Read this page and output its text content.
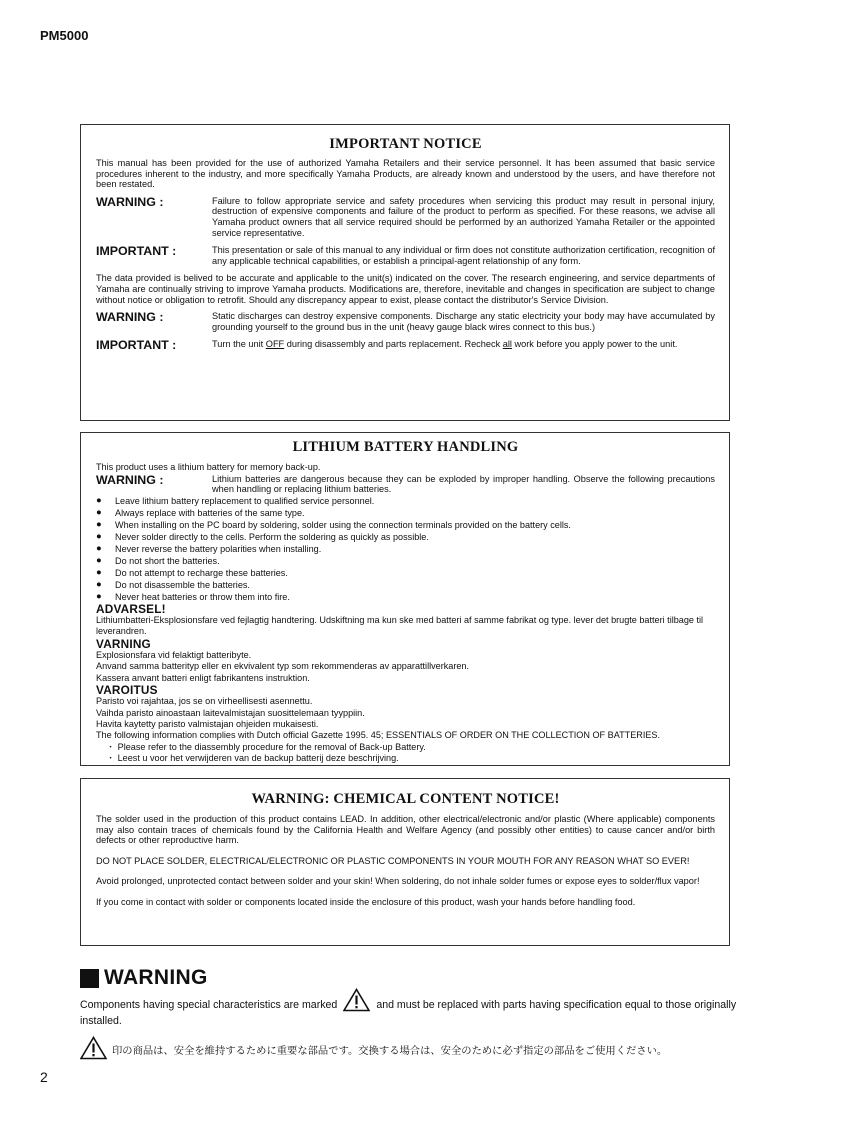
PM5000
IMPORTANT NOTICE

This manual has been provided for the use of authorized Yamaha Retailers and their service personnel. It has been assumed that basic service procedures inherent to the industry, and more specifically Yamaha Products, are already known and understood by the users, and have therefore not been restated.

WARNING :	Failure to follow appropriate service and safety procedures when servicing this product may result in personal injury, destruction of expensive components and failure of the product to perform as specified. For these reasons, we advise all Yamaha product owners that all service required should be performed by an authorized Yamaha Retailer or the appointed service representative.
IMPORTANT :	This presentation or sale of this manual to any individual or firm does not constitute authorization certification, recognition of any applicable technical capabilities, or establish a principal-agent relationship of any form.

The data provided is belived to be accurate and applicable to the unit(s) indicated on the cover. The research engineering, and service departments of Yamaha are continually striving to improve Yamaha products. Modifications are, therefore, inevitable and changes in specification are subject to change without notice or obligation to retrofit. Should any discrepancy appear to exist, please contact the distributor's Service Division.

WARNING :	Static discharges can destroy expensive components. Discharge any static electricity your body may have accumulated by grounding yourself to the ground bus in the unit (heavy gauge black wires connect to this bus.)
IMPORTANT :	Turn the unit OFF during disassembly and parts replacement. Recheck all work before you apply power to the unit.
LITHIUM BATTERY HANDLING

This product uses a lithium battery for memory back-up.

WARNING :	Lithium batteries are dangerous because they can be exploded by improper handling. Observe the following precautions when handling or replacing lithium batteries.
●	Leave lithium battery replacement to qualified service personnel.
●	Always replace with batteries of the same type.
●	When installing on the PC board by soldering, solder using the connection terminals provided on the battery cells.
●	Never solder directly to the cells. Perform the soldering as quickly as possible.
●	Never reverse the battery polarities when installing.
●	Do not short the batteries.
●	Do not attempt to recharge these batteries.
●	Do not disassemble the batteries.
●	Never heat batteries or throw them into fire.
ADVARSEL!

Lithiumbatteri-Eksplosionsfare ved fejlagtig handtering. Udskiftning ma kun ske med batteri af samme fabrikat og type. lever det brugte batteri tilbage til leverandren.

VARNING

Explosionsfara vid felaktigt batteribyte.

Anvand samma batterityp eller en ekvivalent typ som rekommenderas av apparattillverkaren.

Kassera anvant batteri enligt fabrikantens instruktion.

VAROITUS

Paristo voi rajahtaa, jos se on virheellisesti asennettu.

Vaihda paristo ainoastaan laitevalmistajan suosittelemaan tyyppiin.

Havita kaytetty paristo valmistajan ohjeiden mukaisesti.

The following information complies with Dutch official Gazette 1995. 45; ESSENTIALS OF ORDER ON THE COLLECTION OF BATTERIES.

・ Please refer to the diassembly procedure for the removal of Back-up Battery.
・ Leest u voor het verwijderen van de backup batterij deze beschrijving.
WARNING: CHEMICAL CONTENT NOTICE!

The solder used in the production of this product contains LEAD. In addition, other electrical/electronic and/or plastic (Where applicable) components may also contain traces of chemicals found by the California Health and Welfare Agency (and possibly other entities) to cause cancer and/or birth defects or other reproductive harm.

DO NOT PLACE SOLDER, ELECTRICAL/ELECTRONIC OR PLASTIC COMPONENTS IN YOUR MOUTH FOR ANY REASON WHAT SO EVER!

Avoid prolonged, unprotected contact between solder and your skin! When soldering, do not inhale solder fumes or expose eyes to solder/flux vapor!

If you come in contact with solder or components located inside the enclosure of this product, wash your hands before handling food.

WARNING
Components having special characteristics are marked	and must be replaced with parts having specification equal to those originally installed.
印の商品は、安全を維持するために重要な部品です。交換する場合は、安全のために必ず指定の部品をご使用ください。
2
